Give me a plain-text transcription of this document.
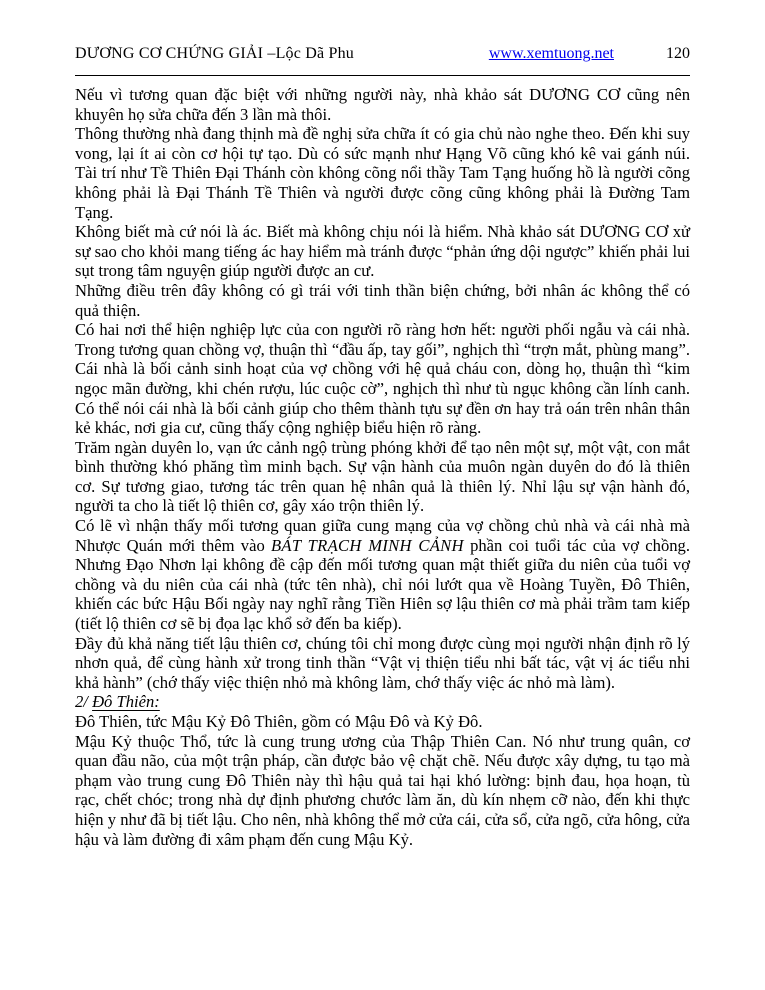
DƯƠNG CƠ CHỨNG GIẢI –Lộc Dã Phu	www.xemtuong.net	120

Nếu vì tương quan đặc biệt với những người này, nhà khảo sát DƯƠNG CƠ cũng nên khuyên họ sửa chữa đến 3 lần mà thôi.

Thông thường nhà đang thịnh mà đề nghị sửa chữa ít có gia chủ nào nghe theo. Đến khi suy vong, lại ít ai còn cơ hội tự tạo. Dù có sức mạnh như Hạng Võ cũng khó kê vai gánh núi. Tài trí như Tề Thiên Đại Thánh còn không cõng nổi thầy Tam Tạng huống hồ là người cõng không phải là Đại Thánh Tề Thiên và người được cõng cũng không phải là Đường Tam Tạng.

Không biết mà cứ nói là ác. Biết mà không chịu nói là hiểm. Nhà khảo sát DƯƠNG CƠ xử sự sao cho khỏi mang tiếng ác hay hiểm mà tránh được “phản ứng dội ngược” khiến phải lui sụt trong tâm nguyện giúp người được an cư.

Những điều trên đây không có gì trái với tinh thần biện chứng, bởi nhân ác không thể có quả thiện.

Có hai nơi thể hiện nghiệp lực của con người rõ ràng hơn hết: người phối ngẫu và cái nhà. Trong tương quan chồng vợ, thuận thì “đầu ấp, tay gối”, nghịch thì “trợn mắt, phùng mang”. Cái nhà là bối cảnh sinh hoạt của vợ chồng với hệ quả cháu con, dòng họ, thuận thì “kim ngọc mãn đường, khi chén rượu, lúc cuộc cờ”, nghịch thì như tù ngục không cần lính canh. Có thể nói cái nhà là bối cảnh giúp cho thêm thành tựu sự đền ơn hay trả oán trên nhân thân kẻ khác, nơi gia cư, cũng thấy cộng nghiệp biểu hiện rõ ràng.

Trăm ngàn duyên lo, vạn ức cảnh ngộ trùng phóng khởi để tạo nên một sự, một vật, con mắt bình thường khó phăng tìm minh bạch. Sự vận hành của muôn ngàn duyên do đó là thiên cơ. Sự tương giao, tương tác trên quan hệ nhân quả là thiên lý. Nhỉ lậu sự vận hành đó, người ta cho là tiết lộ thiên cơ, gây xáo trộn thiên lý.

Có lẽ vì nhận thấy mối tương quan giữa cung mạng của vợ chồng chủ nhà và cái nhà mà Nhược Quán mới thêm vào BÁT TRẠCH MINH CẢNH phần coi tuổi tác của vợ chồng. Nhưng Đạo Nhơn lại không đề cập đến mối tương quan mật thiết giữa du niên của tuổi vợ chồng và du niên của cái nhà (tức tên nhà), chỉ nói lướt qua về Hoàng Tuyền, Đô Thiên, khiến các bức Hậu Bối ngày nay nghĩ rằng Tiền Hiên sợ lậu thiên cơ mà phải trầm tam kiếp (tiết lộ thiên cơ sẽ bị đọa lạc khổ sở đến ba kiếp).

Đầy đủ khả năng tiết lậu thiên cơ, chúng tôi chỉ mong được cùng mọi người nhận định rõ lý nhơn quả, để cùng hành xử trong tinh thần “Vật vị thiện tiểu nhi bất tác, vật vị ác tiểu nhi khả hành” (chớ thấy việc thiện nhỏ mà không làm, chớ thấy việc ác nhỏ mà làm).

2/ Đô Thiên:

Đô Thiên, tức Mậu Kỷ Đô Thiên, gồm có Mậu Đô và Kỷ Đô.

Mậu Kỷ thuộc Thổ, tức là cung trung ương của Thập Thiên Can. Nó như trung quân, cơ quan đầu não, của một trận pháp, cần được bảo vệ chặt chẽ. Nếu được xây dựng, tu tạo mà phạm vào trung cung Đô Thiên này thì hậu quả tai hại khó lường: bịnh đau, họa hoạn, tù rạc, chết chóc; trong nhà dự định phương chước làm ăn, dù kín nhẹm cỡ nào, đến khi thực hiện y như đã bị tiết lậu. Cho nên, nhà không thể mở cửa cái, cửa sổ, cửa ngõ, cửa hông, cửa hậu và làm đường đi xâm phạm đến cung Mậu Kỷ.
